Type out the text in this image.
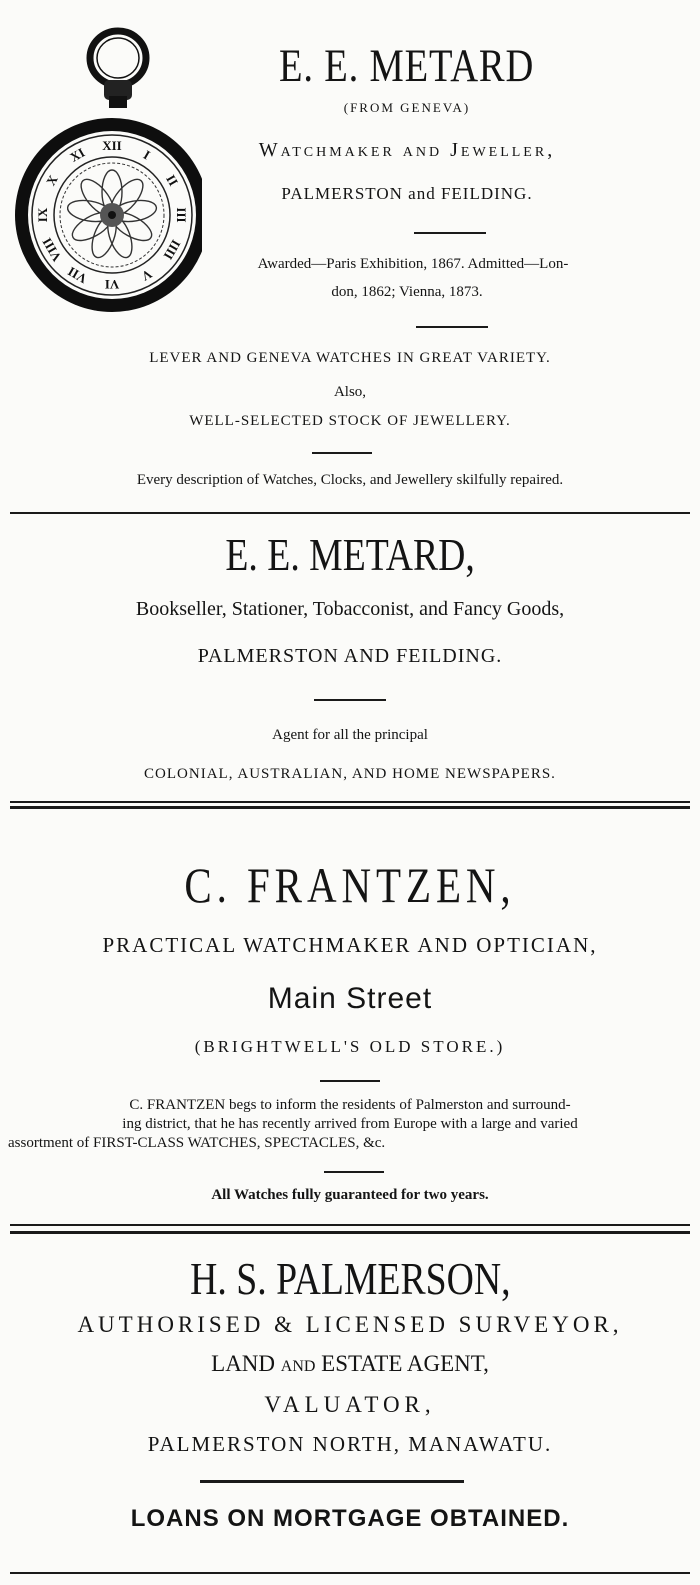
XII
I
II
III
IIII
V
VI
VII
VIII
IX
X
XI
E. E. METARD
(FROM GENEVA)
Watchmaker and Jeweller,
PALMERSTON and FEILDING.
Awarded—Paris Exhibition, 1867. Admitted—Lon-
don, 1862; Vienna, 1873.
LEVER AND GENEVA WATCHES IN GREAT VARIETY.
Also,
WELL-SELECTED STOCK OF JEWELLERY.
Every description of Watches, Clocks, and Jewellery skilfully repaired.
E. E. METARD,
Bookseller, Stationer, Tobacconist, and Fancy Goods,
PALMERSTON AND FEILDING.
Agent for all the principal
COLONIAL, AUSTRALIAN, AND HOME NEWSPAPERS.
C. FRANTZEN,
PRACTICAL WATCHMAKER AND OPTICIAN,
Main Street
(BRIGHTWELL'S OLD STORE.)
C. FRANTZEN begs to inform the residents of Palmerston and surround-
ing district, that he has recently arrived from Europe with a large and varied
assortment of FIRST-CLASS WATCHES, SPECTACLES, &c.
All Watches fully guaranteed for two years.
H. S. PALMERSON,
AUTHORISED & LICENSED SURVEYOR,
LAND and ESTATE AGENT,
VALUATOR,
PALMERSTON NORTH, MANAWATU.
LOANS ON MORTGAGE OBTAINED.
